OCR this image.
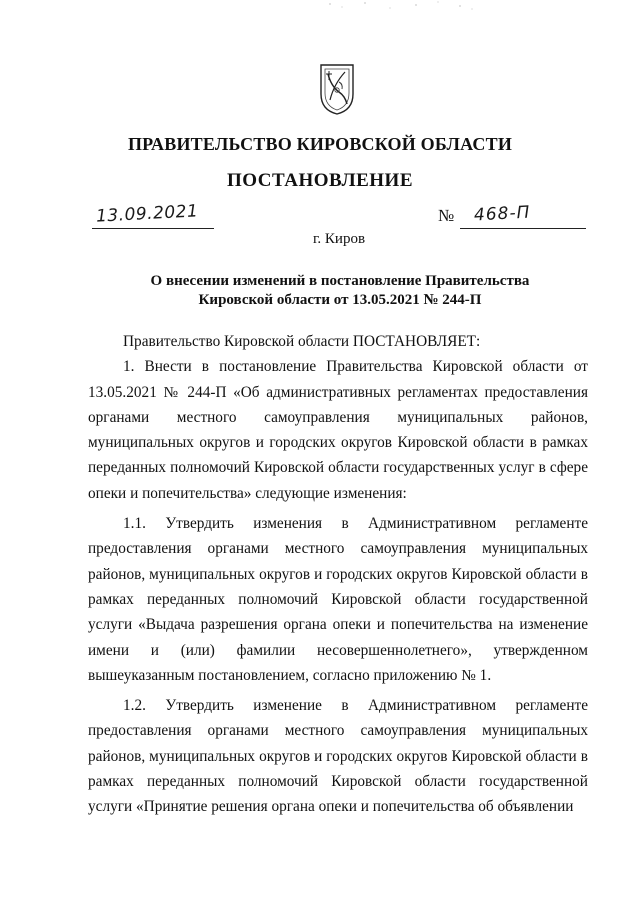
ПРАВИТЕЛЬСТВО КИРОВСКОЙ ОБЛАСТИ
ПОСТАНОВЛЕНИЕ
13.09.2021	№ 468-П
г. Киров
О внесении изменений в постановление Правительства
Кировской области от 13.05.2021 № 244-П

Правительство Кировской области ПОСТАНОВЛЯЕТ:

1. Внести в постановление Правительства Кировской области от 13.05.2021 № 244-П «Об административных регламентах предоставления органами местного самоуправления муниципальных районов, муниципальных округов и городских округов Кировской области в рамках переданных полномочий Кировской области государственных услуг в сфере опеки и попечительства» следующие изменения:

1.1. Утвердить изменения в Административном регламенте предоставления органами местного самоуправления муниципальных районов, муниципальных округов и городских округов Кировской области в рамках переданных полномочий Кировской области государственной услуги «Выдача разрешения органа опеки и попечительства на изменение имени и (или) фамилии несовершеннолетнего», утвержденном вышеуказанным постановлением, согласно приложению № 1.

1.2. Утвердить изменение в Административном регламенте предоставления органами местного самоуправления муниципальных районов, муниципальных округов и городских округов Кировской области в рамках переданных полномочий Кировской области государственной услуги «Принятие решения органа опеки и попечительства об объявлении
